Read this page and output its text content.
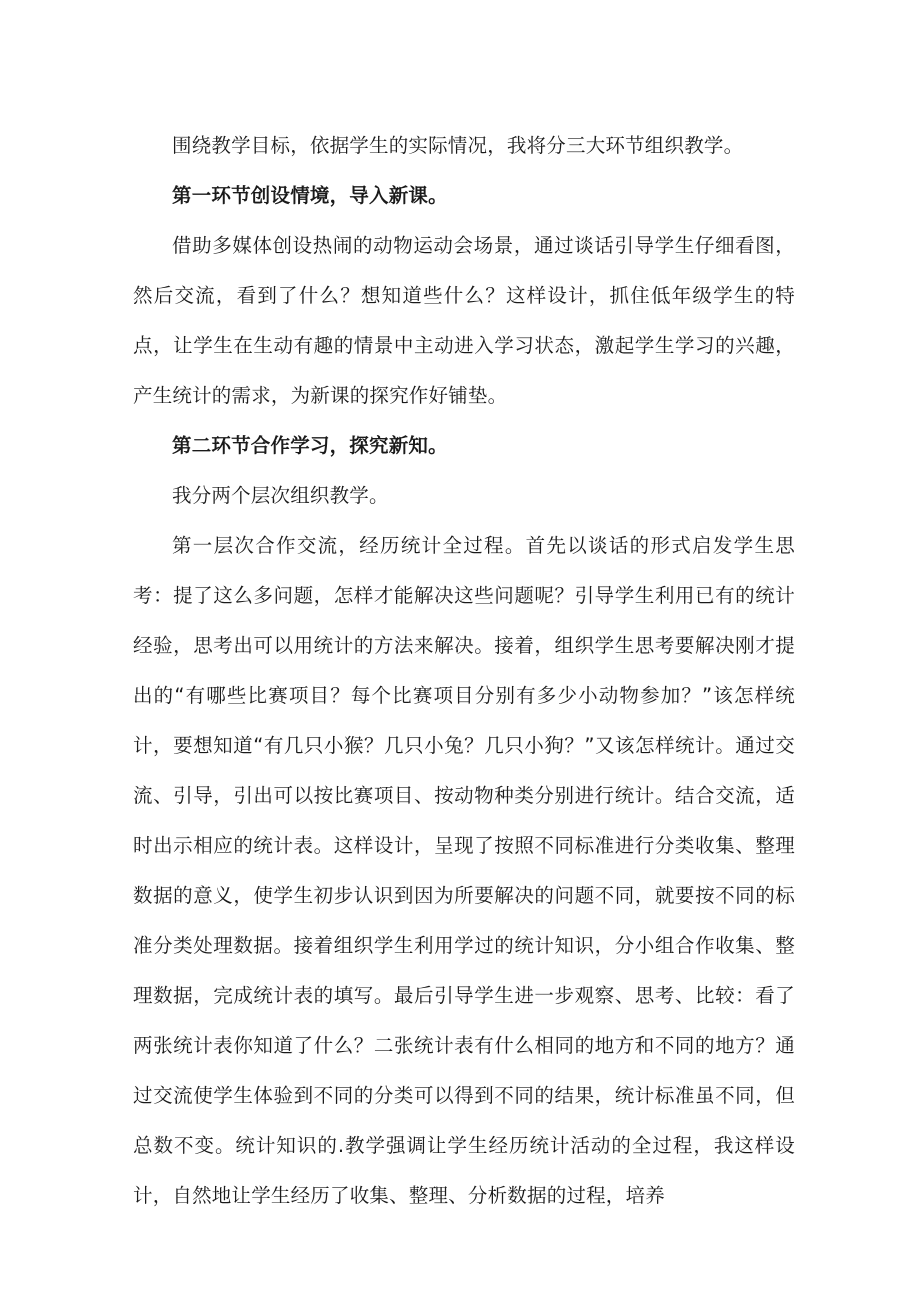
围绕教学目标，依据学生的实际情况，我将分三大环节组织教学。

第一环节创设情境，导入新课。

借助多媒体创设热闹的动物运动会场景，通过谈话引导学生仔细看图，然后交流，看到了什么？想知道些什么？这样设计，抓住低年级学生的特点，让学生在生动有趣的情景中主动进入学习状态，激起学生学习的兴趣，产生统计的需求，为新课的探究作好铺垫。

第二环节合作学习，探究新知。

我分两个层次组织教学。

第一层次合作交流，经历统计全过程。首先以谈话的形式启发学生思考：提了这么多问题，怎样才能解决这些问题呢？引导学生利用已有的统计经验，思考出可以用统计的方法来解决。接着，组织学生思考要解决刚才提出的“有哪些比赛项目？每个比赛项目分别有多少小动物参加？”该怎样统计，要想知道“有几只小猴？几只小兔？几只小狗？”又该怎样统计。通过交流、引导，引出可以按比赛项目、按动物种类分别进行统计。结合交流，适时出示相应的统计表。这样设计，呈现了按照不同标准进行分类收集、整理数据的意义，使学生初步认识到因为所要解决的问题不同，就要按不同的标准分类处理数据。接着组织学生利用学过的统计知识，分小组合作收集、整理数据，完成统计表的填写。最后引导学生进一步观察、思考、比较：看了两张统计表你知道了什么？二张统计表有什么相同的地方和不同的地方？通过交流使学生体验到不同的分类可以得到不同的结果，统计标准虽不同，但总数不变。统计知识的.教学强调让学生经历统计活动的全过程，我这样设计，自然地让学生经历了收集、整理、分析数据的过程，培养
